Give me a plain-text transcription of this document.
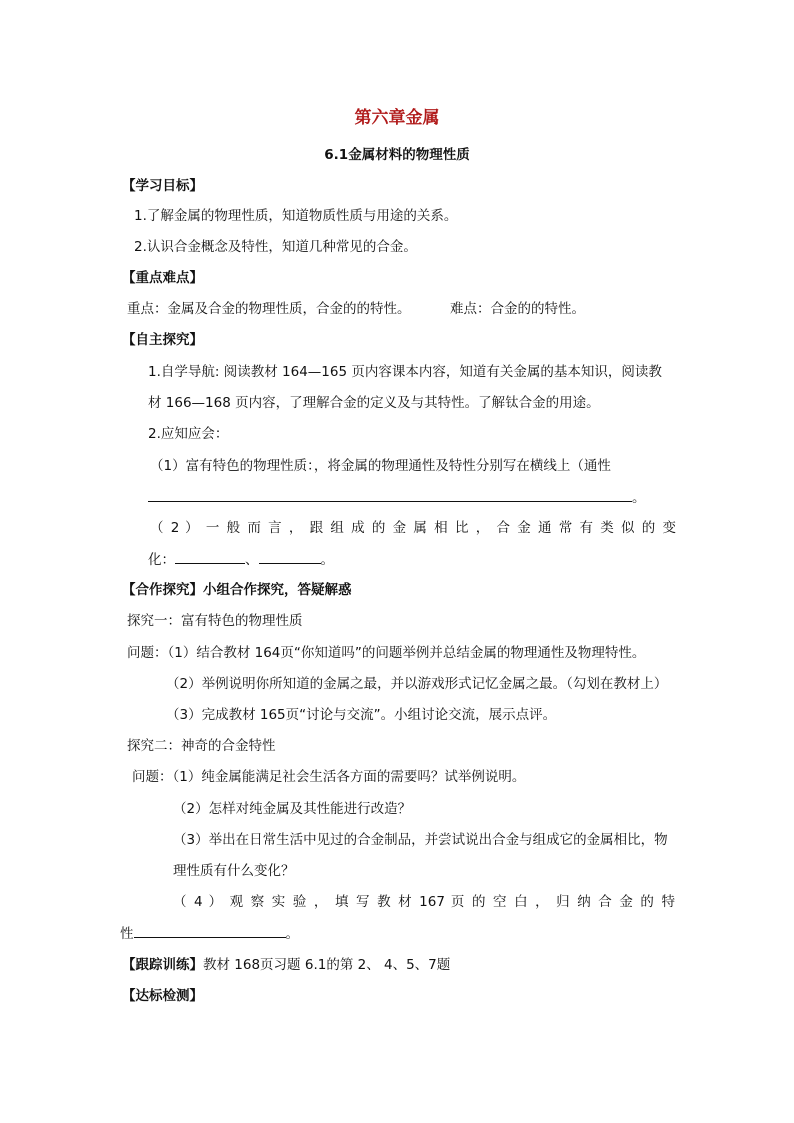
第六章金属
6.1金属材料的物理性质
【学习目标】
1.了解金属的物理性质，知道物质性质与用途的关系。
2.认识合金概念及特性，知道几种常见的合金。
【重点难点】
重点：金属及合金的物理性质，合金的的特性。	难点：合金的的特性。
【自主探究】
1.自学导航: 阅读教材 164—165 页内容课本内容，知道有关金属的基本知识，阅读教
材 166—168 页内容，了理解合金的定义及与其特性。了解钛合金的用途。
2.应知应会：
（1）富有特色的物理性质：，将金属的物理通性及特性分别写在横线上（通性
。
（ 2 ） 一 般 而 言 ， 跟 组 成 的 金 属 相 比 ， 合 金 通 常 有 类 似 的 变
化：	、	。
【合作探究】小组合作探究，答疑解惑
探究一：富有特色的物理性质
问题：（1）结合教材 164页“你知道吗”的问题举例并总结金属的物理通性及物理特性。
（2）举例说明你所知道的金属之最，并以游戏形式记忆金属之最。（勾划在教材上）
（3）完成教材 165页“讨论与交流”。小组讨论交流，展示点评。
探究二：神奇的合金特性
问题：（1）纯金属能满足社会生活各方面的需要吗？试举例说明。
（2）怎样对纯金属及其性能进行改造？
（3）举出在日常生活中见过的合金制品，并尝试说出合金与组成它的金属相比，物
理性质有什么变化？
（ 4 ） 观 察 实 验 ， 填 写 教 材 167 页 的 空 白 ， 归 纳 合 金 的 特
性	。
【跟踪训练】教材 168页习题 6.1的第 2、 4、5、7题
【达标检测】
